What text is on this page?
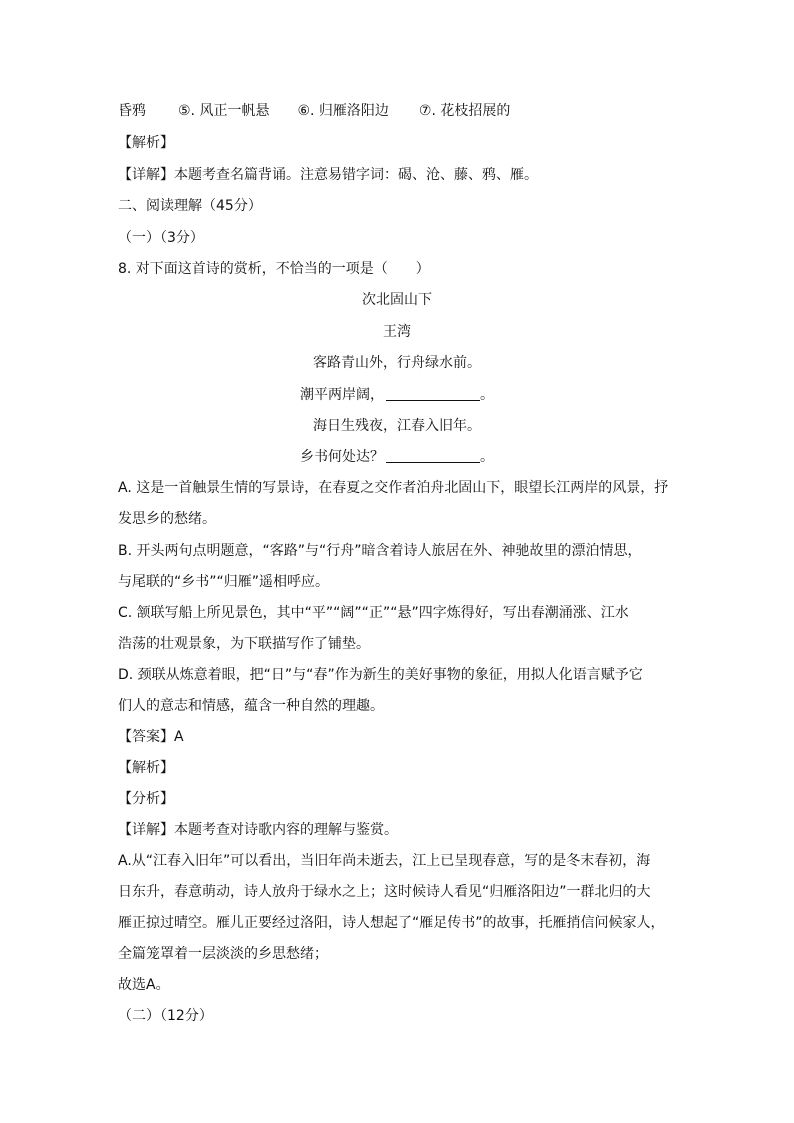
昏鸦 ⑤. 风正一帆悬 ⑥. 归雁洛阳边 ⑦. 花枝招展的
【解析】
【详解】本题考查名篇背诵。注意易错字词：碣、沧、藤、鸦、雁。
二、阅读理解（45分）
（一）（3分）
8. 对下面这首诗的赏析，不恰当的一项是（　　）
次北固山下
王湾
客路青山外，行舟绿水前。
潮平两岸阔，	。
海日生残夜，江春入旧年。
乡书何处达？	。
A. 这是一首触景生情的写景诗，在春夏之交作者泊舟北固山下，眼望长江两岸的风景，抒
发思乡的愁绪。
B. 开头两句点明题意，“客路”与“行舟”暗含着诗人旅居在外、神驰故里的漂泊情思，
与尾联的“乡书”“归雁”遥相呼应。
C. 颔联写船上所见景色，其中“平”“阔”“正”“悬”四字炼得好，写出春潮涌涨、江水
浩荡的壮观景象，为下联描写作了铺垫。
D. 颈联从炼意着眼，把“日”与“春”作为新生的美好事物的象征，用拟人化语言赋予它
们人的意志和情感，蕴含一种自然的理趣。
【答案】A
【解析】
【分析】
【详解】本题考查对诗歌内容的理解与鉴赏。
A.从“江春入旧年”可以看出，当旧年尚未逝去，江上已呈现春意，写的是冬末春初，海
日东升，春意萌动，诗人放舟于绿水之上；这时候诗人看见“归雁洛阳边”一群北归的大
雁正掠过晴空。雁儿正要经过洛阳，诗人想起了“雁足传书”的故事，托雁捎信问候家人，
全篇笼罩着一层淡淡的乡思愁绪；
故选A。
（二）（12分）
